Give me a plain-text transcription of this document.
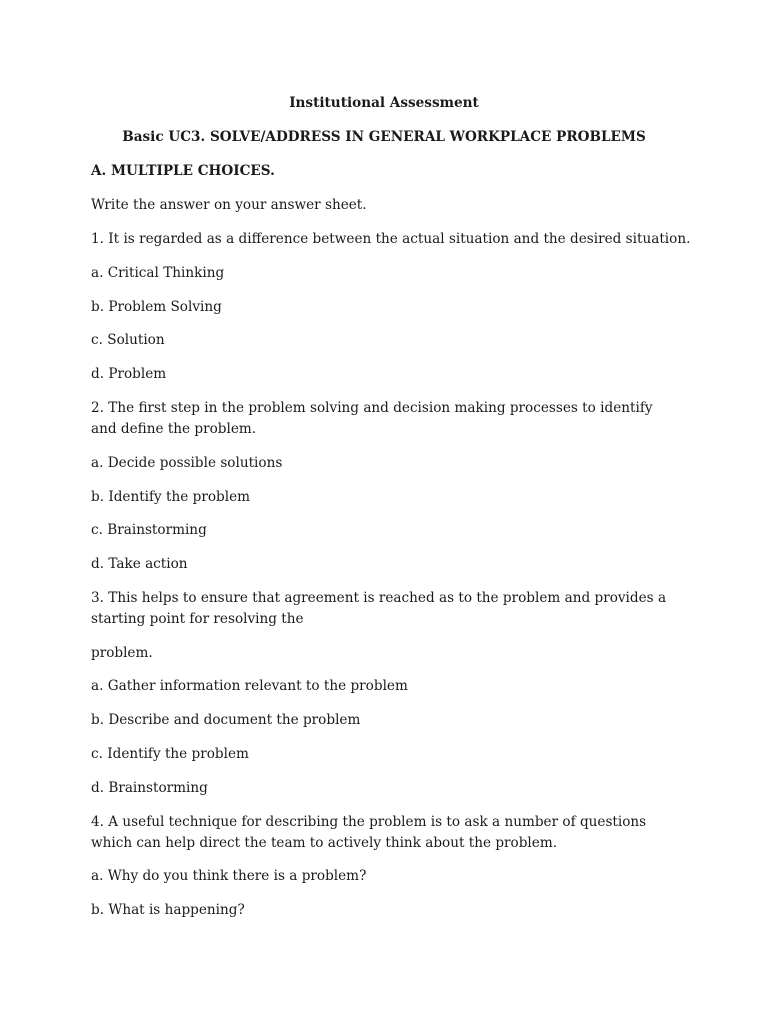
Institutional Assessment

Basic UC3. SOLVE/ADDRESS IN GENERAL WORKPLACE PROBLEMS

A. MULTIPLE CHOICES.

Write the answer on your answer sheet.

1. It is regarded as a difference between the actual situation and the desired situation.

a. Critical Thinking

b. Problem Solving

c. Solution

d. Problem

2. The first step in the problem solving and decision making processes to identify and define the problem.

a. Decide possible solutions

b. Identify the problem

c. Brainstorming

d. Take action

3. This helps to ensure that agreement is reached as to the problem and provides a starting point for resolving the

problem.

a. Gather information relevant to the problem

b. Describe and document the problem

c. Identify the problem

d. Brainstorming

4. A useful technique for describing the problem is to ask a number of questions which can help direct the team to actively think about the problem.

a. Why do you think there is a problem?

b. What is happening?
